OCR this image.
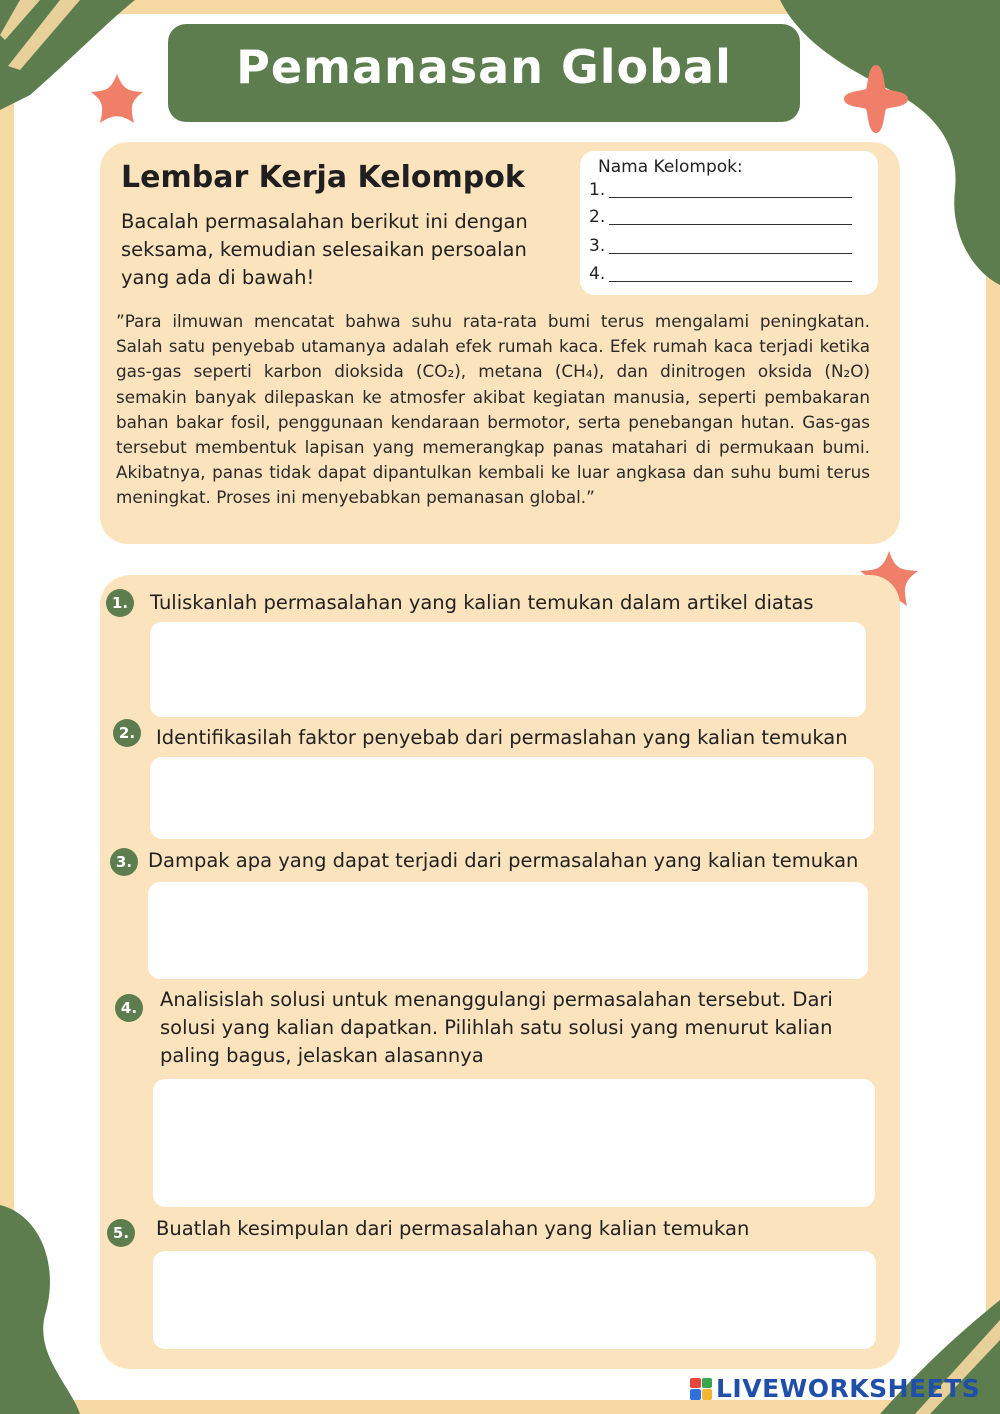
Pemanasan Global
Lembar Kerja Kelompok
Bacalah permasalahan berikut ini dengan seksama, kemudian selesaikan persoalan yang ada di bawah!
Nama Kelompok:
1.
2.
3.
4.
”Para ilmuwan mencatat bahwa suhu rata-rata bumi terus mengalami peningkatan. Salah satu penyebab utamanya adalah efek rumah kaca. Efek rumah kaca terjadi ketika gas-gas seperti karbon dioksida (CO₂), metana (CH₄), dan dinitrogen oksida (N₂O) semakin banyak dilepaskan ke atmosfer akibat kegiatan manusia, seperti pembakaran bahan bakar fosil, penggunaan kendaraan bermotor, serta penebangan hutan. Gas-gas tersebut membentuk lapisan yang memerangkap panas matahari di permukaan bumi. Akibatnya, panas tidak dapat dipantulkan kembali ke luar angkasa dan suhu bumi terus meningkat. Proses ini menyebabkan pemanasan global.”
1.	Tuliskanlah permasalahan yang kalian temukan dalam artikel diatas
2.	Identifikasilah faktor penyebab dari permaslahan yang kalian temukan
3. Dampak apa yang dapat terjadi dari permasalahan yang kalian temukan
4.	Analisislah solusi untuk menanggulangi permasalahan tersebut. Dari solusi yang kalian dapatkan. Pilihlah satu solusi yang menurut kalian paling bagus, jelaskan alasannya
5.	Buatlah kesimpulan dari permasalahan yang kalian temukan
LIVEWORKSHEETS
